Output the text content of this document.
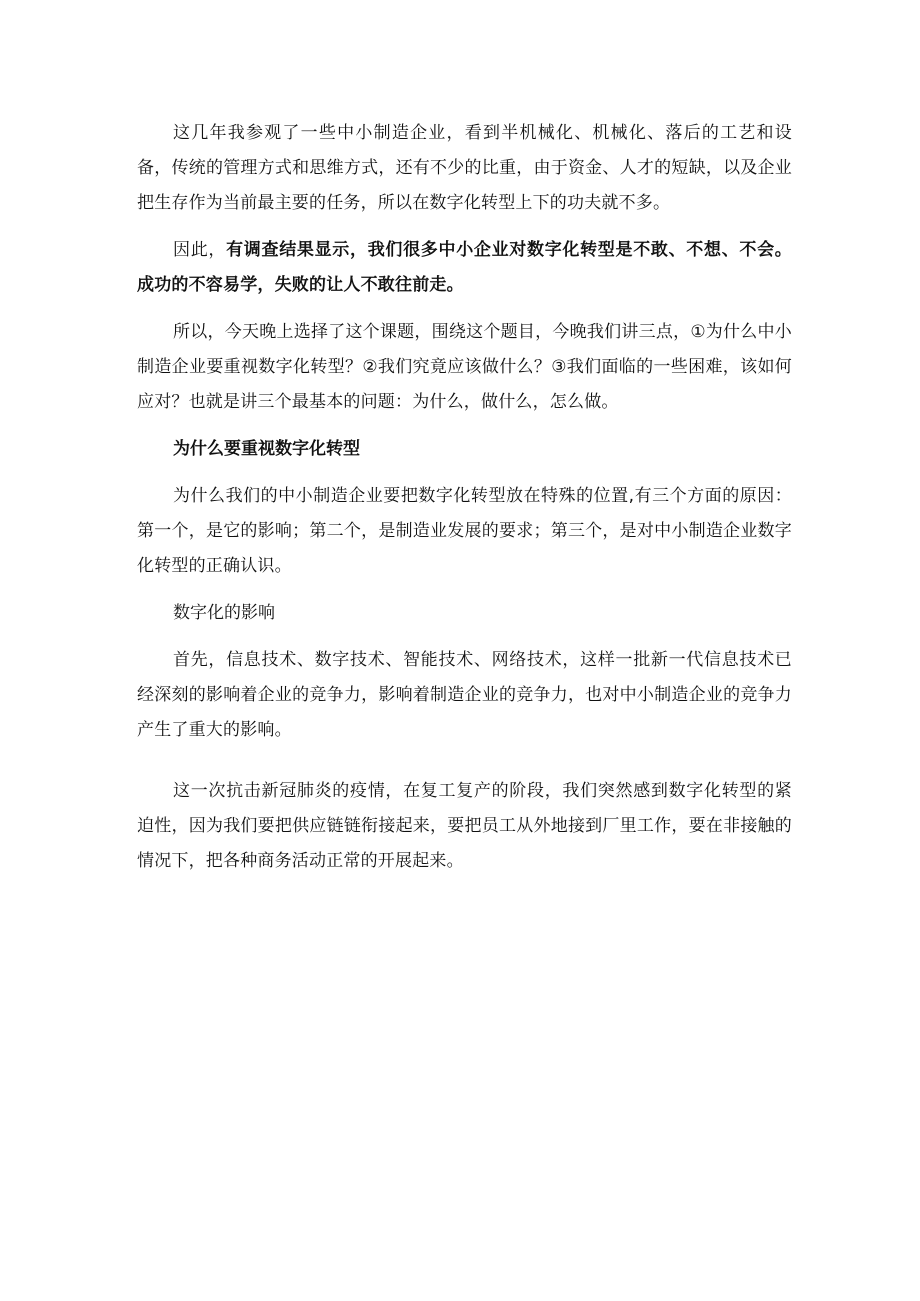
这几年我参观了一些中小制造企业，看到半机械化、机械化、落后的工艺和设备，传统的管理方式和思维方式，还有不少的比重，由于资金、人才的短缺，以及企业把生存作为当前最主要的任务，所以在数字化转型上下的功夫就不多。

因此，有调查结果显示，我们很多中小企业对数字化转型是不敢、不想、不会。成功的不容易学，失败的让人不敢往前走。

所以，今天晚上选择了这个课题，围绕这个题目，今晚我们讲三点，①为什么中小制造企业要重视数字化转型？②我们究竟应该做什么？③我们面临的一些困难，该如何应对？也就是讲三个最基本的问题：为什么，做什么，怎么做。

为什么要重视数字化转型

为什么我们的中小制造企业要把数字化转型放在特殊的位置,有三个方面的原因：第一个，是它的影响；第二个，是制造业发展的要求；第三个，是对中小制造企业数字化转型的正确认识。

数字化的影响

首先，信息技术、数字技术、智能技术、网络技术，这样一批新一代信息技术已经深刻的影响着企业的竞争力，影响着制造企业的竞争力，也对中小制造企业的竞争力产生了重大的影响。

这一次抗击新冠肺炎的疫情，在复工复产的阶段，我们突然感到数字化转型的紧迫性，因为我们要把供应链链衔接起来，要把员工从外地接到厂里工作，要在非接触的情况下，把各种商务活动正常的开展起来。
